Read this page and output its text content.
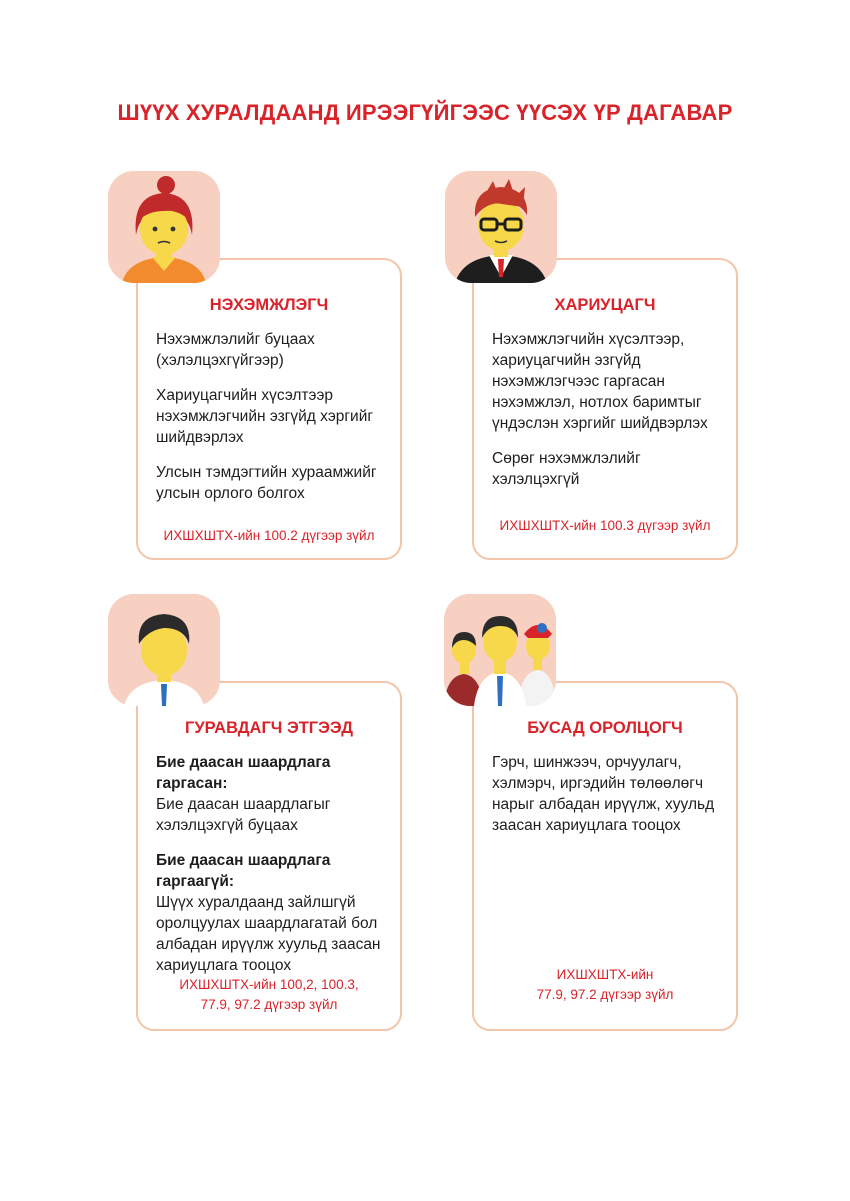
ШҮҮХ ХУРАЛДААНД ИРЭЭГҮЙГЭЭС ҮҮСЭХ ҮР ДАГАВАР
НЭХЭМЖЛЭГЧ

Нэхэмжлэлийг буцаах (хэлэлцэхгүйгээр)

Хариуцагчийн хүсэлтээр нэхэмжлэгчийн эзгүйд хэргийг шийдвэрлэх

Улсын тэмдэгтийн хураамжийг улсын орлого болгох

ИХШХШТХ-ийн 100.2 дүгээр зүйл
ХАРИУЦАГЧ

Нэхэмжлэгчийн хүсэлтээр, хариуцагчийн эзгүйд нэхэмжлэгчээс гаргасан нэхэмжлэл, нотлох баримтыг үндэслэн хэргийг шийдвэрлэх

Сөрөг нэхэмжлэлийг хэлэлцэхгүй

ИХШХШТХ-ийн 100.3 дүгээр зүйл
ГУРАВДАГЧ ЭТГЭЭД

Бие даасан шаардлага гаргасан:
Бие даасан шаардлагыг хэлэлцэхгүй буцаах

Бие даасан шаардлага гаргаагүй:
Шүүх хуралдаанд зайлшгүй оролцуулах шаардлагатай бол албадан ирүүлж хуульд заасан хариуцлага тооцох

ИХШХШТХ-ийн 100,2, 100.3,
77.9, 97.2 дүгээр зүйл
БУСАД ОРОЛЦОГЧ

Гэрч, шинжээч, орчуулагч, хэлмэрч, иргэдийн төлөөлөгч нарыг албадан ирүүлж, хуульд заасан хариуцлага тооцох

ИХШХШТХ-ийн
77.9, 97.2 дүгээр зүйл
